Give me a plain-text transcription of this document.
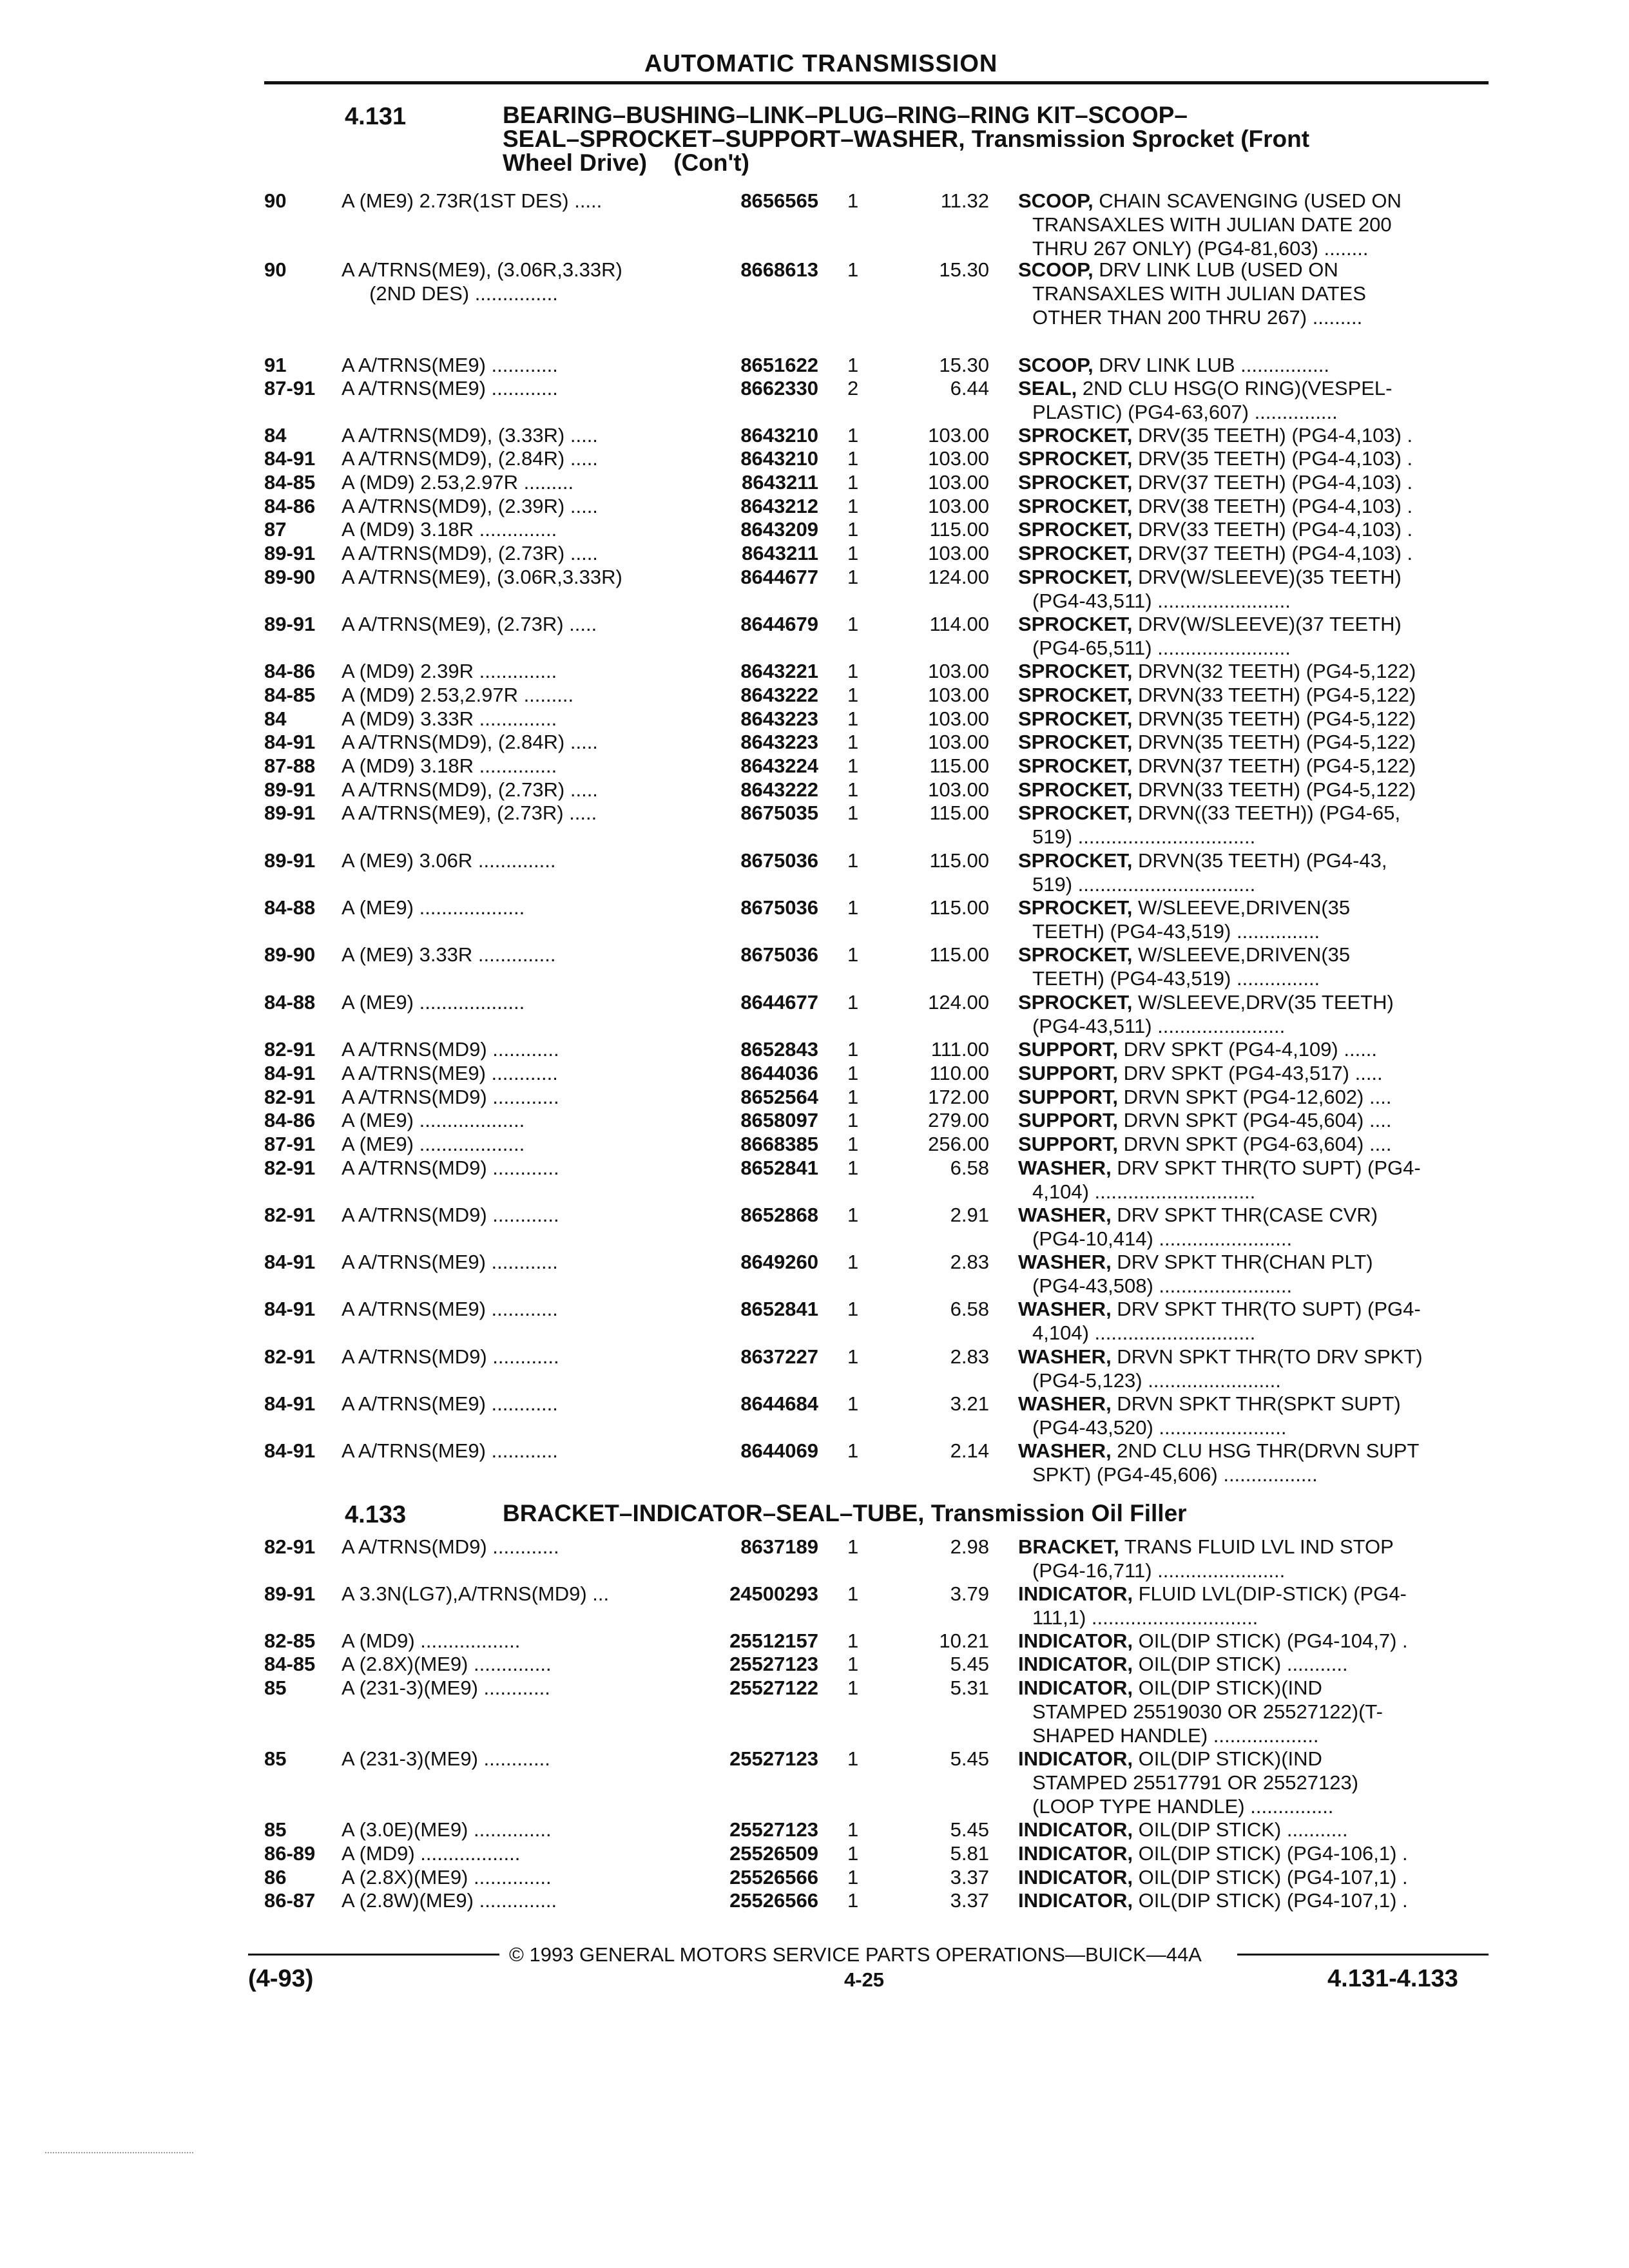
AUTOMATIC TRANSMISSION
4.131	BEARING–BUSHING–LINK–PLUG–RING–RING KIT–SCOOP–
SEAL–SPROCKET–SUPPORT–WASHER, Transmission Sprocket (Front
Wheel Drive)    (Con't)
90	A (ME9) 2.73R(1ST DES) .....	8656565 1	11.32 SCOOP, CHAIN SCAVENGING (USED ON
TRANSAXLES WITH JULIAN DATE 200
THRU 267 ONLY) (PG4-81,603) ........
90	A A/TRNS(ME9), (3.06R,3.33R)
(2ND DES) ...............
8668613 1	15.30 SCOOP, DRV LINK LUB (USED ON
TRANSAXLES WITH JULIAN DATES
OTHER THAN 200 THRU 267) .........
91	A A/TRNS(ME9) ............	8651622 1	15.30 SCOOP, DRV LINK LUB ................
87-91 A A/TRNS(ME9) ............	8662330 2	6.44 SEAL, 2ND CLU HSG(O RING)(VESPEL-
PLASTIC) (PG4-63,607) ...............
84	A A/TRNS(MD9), (3.33R) .....	8643210 1	103.00 SPROCKET, DRV(35 TEETH) (PG4-4,103) .
84-91 A A/TRNS(MD9), (2.84R) .....	8643210 1	103.00 SPROCKET, DRV(35 TEETH) (PG4-4,103) .
84-85 A (MD9) 2.53,2.97R .........	8643211 1	103.00 SPROCKET, DRV(37 TEETH) (PG4-4,103) .
84-86 A A/TRNS(MD9), (2.39R) .....	8643212 1	103.00 SPROCKET, DRV(38 TEETH) (PG4-4,103) .
87	A (MD9) 3.18R ..............	8643209 1	115.00 SPROCKET, DRV(33 TEETH) (PG4-4,103) .
89-91 A A/TRNS(MD9), (2.73R) .....	8643211 1	103.00 SPROCKET, DRV(37 TEETH) (PG4-4,103) .
89-90 A A/TRNS(ME9), (3.06R,3.33R)	8644677 1	124.00 SPROCKET, DRV(W/SLEEVE)(35 TEETH)
(PG4-43,511) ........................
89-91 A A/TRNS(ME9), (2.73R) .....	8644679 1	114.00 SPROCKET, DRV(W/SLEEVE)(37 TEETH)
(PG4-65,511) ........................
84-86 A (MD9) 2.39R ..............	8643221 1	103.00 SPROCKET, DRVN(32 TEETH) (PG4-5,122)
84-85 A (MD9) 2.53,2.97R .........	8643222 1	103.00 SPROCKET, DRVN(33 TEETH) (PG4-5,122)
84	A (MD9) 3.33R ..............	8643223 1	103.00 SPROCKET, DRVN(35 TEETH) (PG4-5,122)
84-91 A A/TRNS(MD9), (2.84R) .....	8643223 1	103.00 SPROCKET, DRVN(35 TEETH) (PG4-5,122)
87-88 A (MD9) 3.18R ..............	8643224 1	115.00 SPROCKET, DRVN(37 TEETH) (PG4-5,122)
89-91 A A/TRNS(MD9), (2.73R) .....	8643222 1	103.00 SPROCKET, DRVN(33 TEETH) (PG4-5,122)
89-91 A A/TRNS(ME9), (2.73R) .....	8675035 1	115.00 SPROCKET, DRVN((33 TEETH)) (PG4-65,
519) ................................
89-91 A (ME9) 3.06R ..............	8675036 1	115.00 SPROCKET, DRVN(35 TEETH) (PG4-43,
519) ................................
84-88 A (ME9) ...................	8675036 1	115.00 SPROCKET, W/SLEEVE,DRIVEN(35
TEETH) (PG4-43,519) ...............
89-90 A (ME9) 3.33R ..............	8675036 1	115.00 SPROCKET, W/SLEEVE,DRIVEN(35
TEETH) (PG4-43,519) ...............
84-88 A (ME9) ...................	8644677 1	124.00 SPROCKET, W/SLEEVE,DRV(35 TEETH)
(PG4-43,511) .......................
82-91 A A/TRNS(MD9) ............	8652843 1	111.00 SUPPORT, DRV SPKT (PG4-4,109) ......
84-91 A A/TRNS(ME9) ............	8644036 1	110.00 SUPPORT, DRV SPKT (PG4-43,517) .....
82-91 A A/TRNS(MD9) ............	8652564 1	172.00 SUPPORT, DRVN SPKT (PG4-12,602) ....
84-86 A (ME9) ...................	8658097 1	279.00 SUPPORT, DRVN SPKT (PG4-45,604) ....
87-91 A (ME9) ...................	8668385 1	256.00 SUPPORT, DRVN SPKT (PG4-63,604) ....
82-91 A A/TRNS(MD9) ............	8652841 1	6.58 WASHER, DRV SPKT THR(TO SUPT) (PG4-
4,104) .............................
82-91 A A/TRNS(MD9) ............	8652868 1	2.91 WASHER, DRV SPKT THR(CASE CVR)
(PG4-10,414) ........................
84-91 A A/TRNS(ME9) ............	8649260 1	2.83 WASHER, DRV SPKT THR(CHAN PLT)
(PG4-43,508) ........................
84-91 A A/TRNS(ME9) ............	8652841 1	6.58 WASHER, DRV SPKT THR(TO SUPT) (PG4-
4,104) .............................
82-91 A A/TRNS(MD9) ............	8637227 1	2.83 WASHER, DRVN SPKT THR(TO DRV SPKT)
(PG4-5,123) ........................
84-91 A A/TRNS(ME9) ............	8644684 1	3.21 WASHER, DRVN SPKT THR(SPKT SUPT)
(PG4-43,520) .......................
84-91 A A/TRNS(ME9) ............	8644069 1	2.14 WASHER, 2ND CLU HSG THR(DRVN SUPT
SPKT) (PG4-45,606) .................
4.133	BRACKET–INDICATOR–SEAL–TUBE, Transmission Oil Filler
82-91 A A/TRNS(MD9) ............	8637189 1	2.98 BRACKET, TRANS FLUID LVL IND STOP
(PG4-16,711) .......................
89-91 A 3.3N(LG7),A/TRNS(MD9) ...	24500293 1	3.79 INDICATOR, FLUID LVL(DIP-STICK) (PG4-
111,1) ..............................
82-85 A (MD9) ..................	25512157 1	10.21 INDICATOR, OIL(DIP STICK) (PG4-104,7) .
84-85 A (2.8X)(ME9) ..............	25527123 1	5.45 INDICATOR, OIL(DIP STICK) ...........
85	A (231-3)(ME9) ............	25527122 1	5.31 INDICATOR, OIL(DIP STICK)(IND
STAMPED 25519030 OR 25527122)(T-
SHAPED HANDLE) ...................
85	A (231-3)(ME9) ............	25527123 1	5.45 INDICATOR, OIL(DIP STICK)(IND
STAMPED 25517791 OR 25527123)
(LOOP TYPE HANDLE) ...............
85	A (3.0E)(ME9) ..............	25527123 1	5.45 INDICATOR, OIL(DIP STICK) ...........
86-89 A (MD9) ..................	25526509 1	5.81 INDICATOR, OIL(DIP STICK) (PG4-106,1) .
86	A (2.8X)(ME9) ..............	25526566 1	3.37 INDICATOR, OIL(DIP STICK) (PG4-107,1) .
86-87 A (2.8W)(ME9) ..............	25526566 1	3.37 INDICATOR, OIL(DIP STICK) (PG4-107,1) .
© 1993 GENERAL MOTORS SERVICE PARTS OPERATIONS—BUICK—44A
(4-93)	4-25	4.131-4.133
